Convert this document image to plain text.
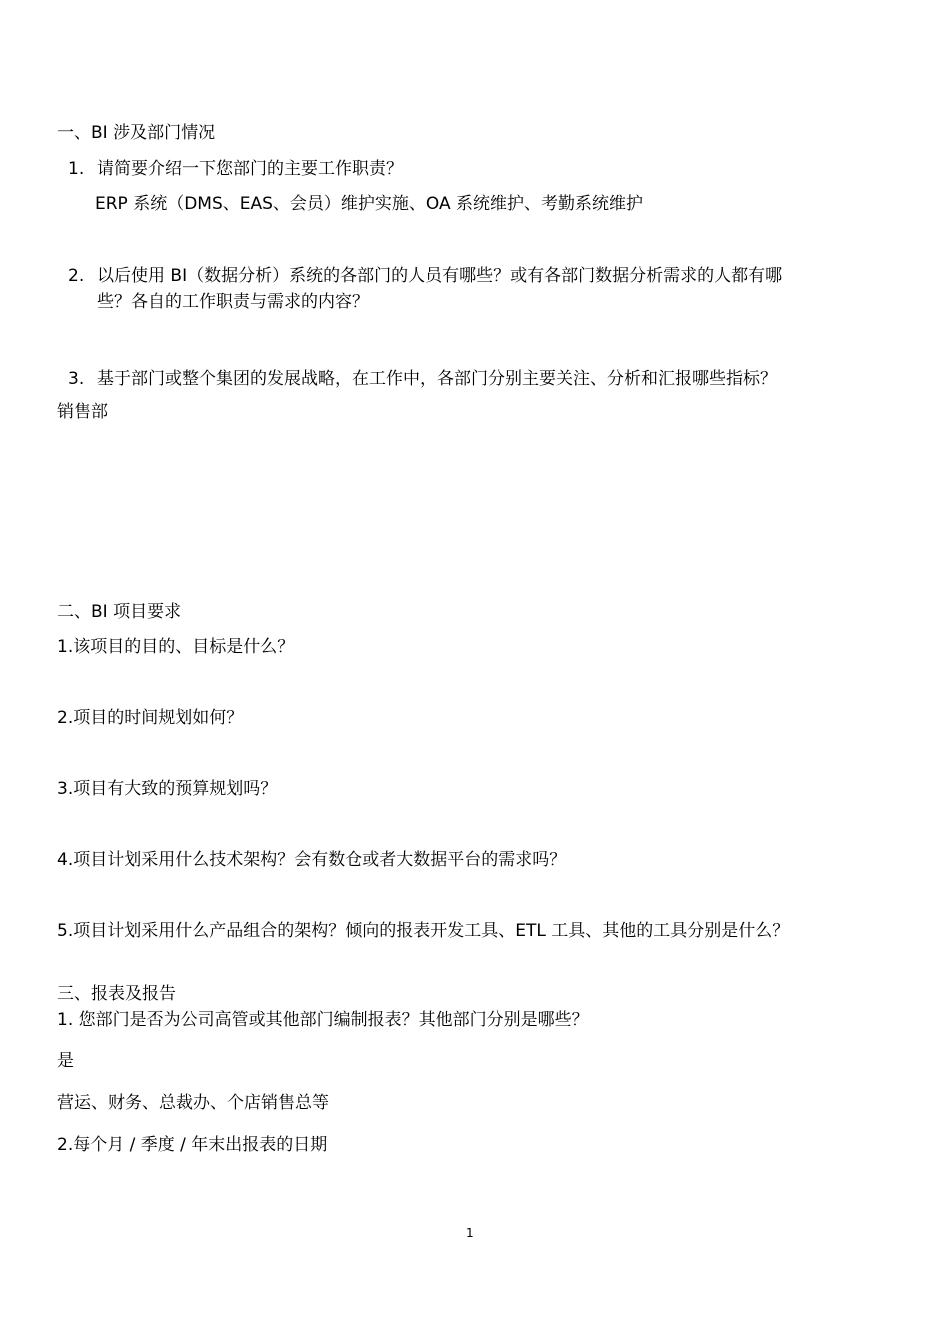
一、BI 涉及部门情况

1. 请简要介绍一下您部门的主要工作职责？

ERP 系统（DMS、EAS、会员）维护实施、OA 系统维护、考勤系统维护

2. 以后使用 BI（数据分析）系统的各部门的人员有哪些？或有各部门数据分析需求的人都有哪

些？各自的工作职责与需求的内容？

3. 基于部门或整个集团的发展战略，在工作中，各部门分别主要关注、分析和汇报哪些指标？

销售部

二、BI 项目要求

1.该项目的目的、目标是什么？

2.项目的时间规划如何？

3.项目有大致的预算规划吗？

4.项目计划采用什么技术架构？会有数仓或者大数据平台的需求吗？

5.项目计划采用什么产品组合的架构？倾向的报表开发工具、ETL 工具、其他的工具分别是什么？

三、报表及报告

1. 您部门是否为公司高管或其他部门编制报表？其他部门分别是哪些？

是

营运、财务、总裁办、个店销售总等

2.每个月 / 季度 / 年末出报表的日期

1
